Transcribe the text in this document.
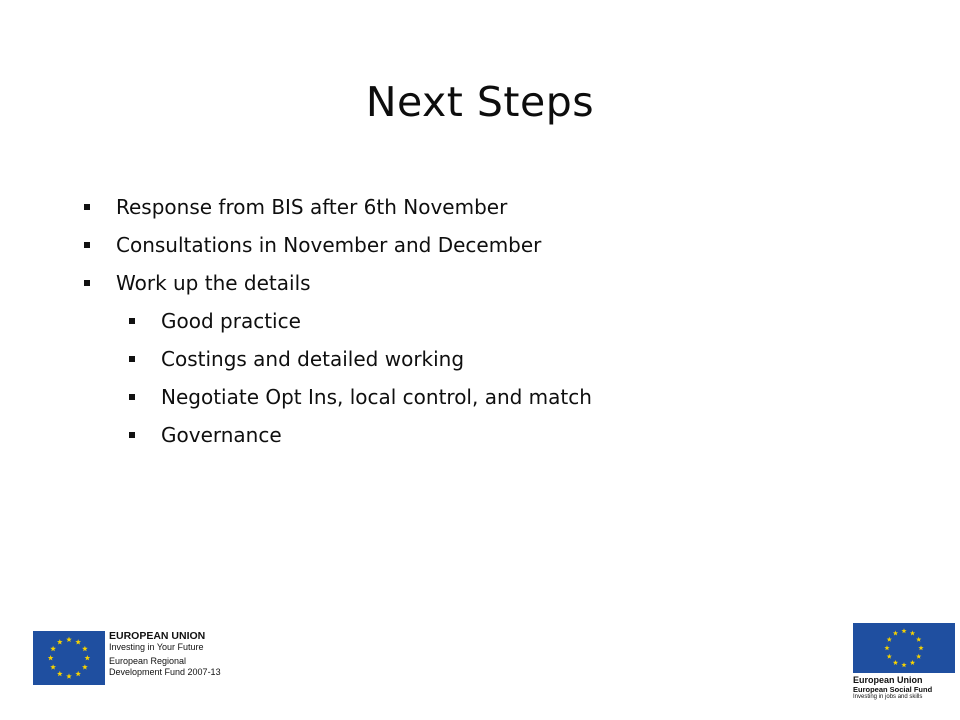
Next Steps
Response from BIS after 6th November
Consultations in November and December
Work up the details
Good practice
Costings and detailed working
Negotiate Opt Ins, local control, and match
Governance
EUROPEAN UNION
Investing in Your Future
European Regional
Development Fund 2007-13
European Union
European Social Fund
Investing in jobs and skills
